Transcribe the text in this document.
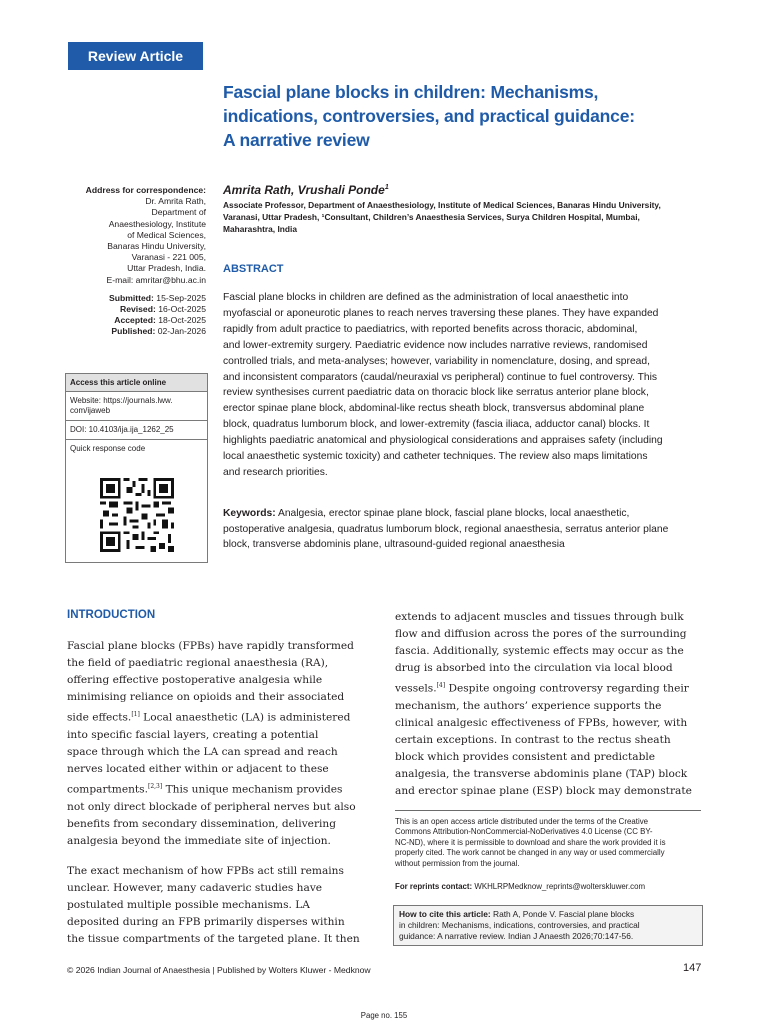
Review Article
Fascial plane blocks in children: Mechanisms,
indications, controversies, and practical guidance:
A narrative review
Address for correspondence:
Dr. Amrita Rath,
Department of
Anaesthesiology, Institute
of Medical Sciences,
Banaras Hindu University,
Varanasi - 221 005,
Uttar Pradesh, India.
E-mail: amritar@bhu.ac.in
Submitted: 15-Sep-2025
Revised: 16-Oct-2025
Accepted: 18-Oct-2025
Published: 02-Jan-2026
Access this article online
Website: https://journals.lww.
com/ijaweb
DOI: 10.4103/ija.ija_1262_25
Quick response code
Amrita Rath, Vrushali Ponde$^1$
Associate Professor, Department of Anaesthesiology, Institute of Medical Sciences, Banaras Hindu University,
Varanasi, Uttar Pradesh, ¹Consultant, Children’s Anaesthesia Services, Surya Children Hospital, Mumbai,
Maharashtra, India
ABSTRACT
Fascial plane blocks in children are defined as the administration of local anaesthetic into
myofascial or aponeurotic planes to reach nerves traversing these planes. They have expanded
rapidly from adult practice to paediatrics, with reported benefits across thoracic, abdominal,
and lower-extremity surgery. Paediatric evidence now includes narrative reviews, randomised
controlled trials, and meta-analyses; however, variability in nomenclature, dosing, and spread,
and inconsistent comparators (caudal/neuraxial vs peripheral) continue to fuel controversy. This
review synthesises current paediatric data on thoracic block like serratus anterior plane block,
erector spinae plane block, abdominal-like rectus sheath block, transversus abdominal plane
block, quadratus lumborum block, and lower-extremity (fascia iliaca, adductor canal) blocks. It
highlights paediatric anatomical and physiological considerations and appraises safety (including
local anaesthetic systemic toxicity) and catheter techniques. The review also maps limitations
and research priorities.
Keywords: Analgesia, erector spinae plane block, fascial plane blocks, local anaesthetic,
postoperative analgesia, quadratus lumborum block, regional anaesthesia, serratus anterior plane
block, transverse abdominis plane, ultrasound-guided regional anaesthesia
INTRODUCTION
Fascial plane blocks (FPBs) have rapidly transformed
the field of paediatric regional anaesthesia (RA),
offering effective postoperative analgesia while
minimising reliance on opioids and their associated
side effects.[1] Local anaesthetic (LA) is administered
into specific fascial layers, creating a potential
space through which the LA can spread and reach
nerves located either within or adjacent to these
compartments.[2,3] This unique mechanism provides
not only direct blockade of peripheral nerves but also
benefits from secondary dissemination, delivering
analgesia beyond the immediate site of injection.
The exact mechanism of how FPBs act still remains
unclear. However, many cadaveric studies have
postulated multiple possible mechanisms. LA
deposited during an FPB primarily disperses within
the tissue compartments of the targeted plane. It then
extends to adjacent muscles and tissues through bulk
flow and diffusion across the pores of the surrounding
fascia. Additionally, systemic effects may occur as the
drug is absorbed into the circulation via local blood
vessels.[4] Despite ongoing controversy regarding their
mechanism, the authors’ experience supports the
clinical analgesic effectiveness of FPBs, however, with
certain exceptions. In contrast to the rectus sheath
block which provides consistent and predictable
analgesia, the transverse abdominis plane (TAP) block
and erector spinae plane (ESP) block may demonstrate
This is an open access article distributed under the terms of the Creative
Commons Attribution-NonCommercial-NoDerivatives 4.0 License (CC BY-
NC-ND), where it is permissible to download and share the work provided it is
properly cited. The work cannot be changed in any way or used commercially
without permission from the journal.
For reprints contact: WKHLRPMedknow_reprints@wolterskluwer.com
How to cite this article: Rath A, Ponde V. Fascial plane blocks
in children: Mechanisms, indications, controversies, and practical
guidance: A narrative review. Indian J Anaesth 2026;70:147-56.
© 2026 Indian Journal of Anaesthesia | Published by Wolters Kluwer - Medknow	147
Page no. 155
